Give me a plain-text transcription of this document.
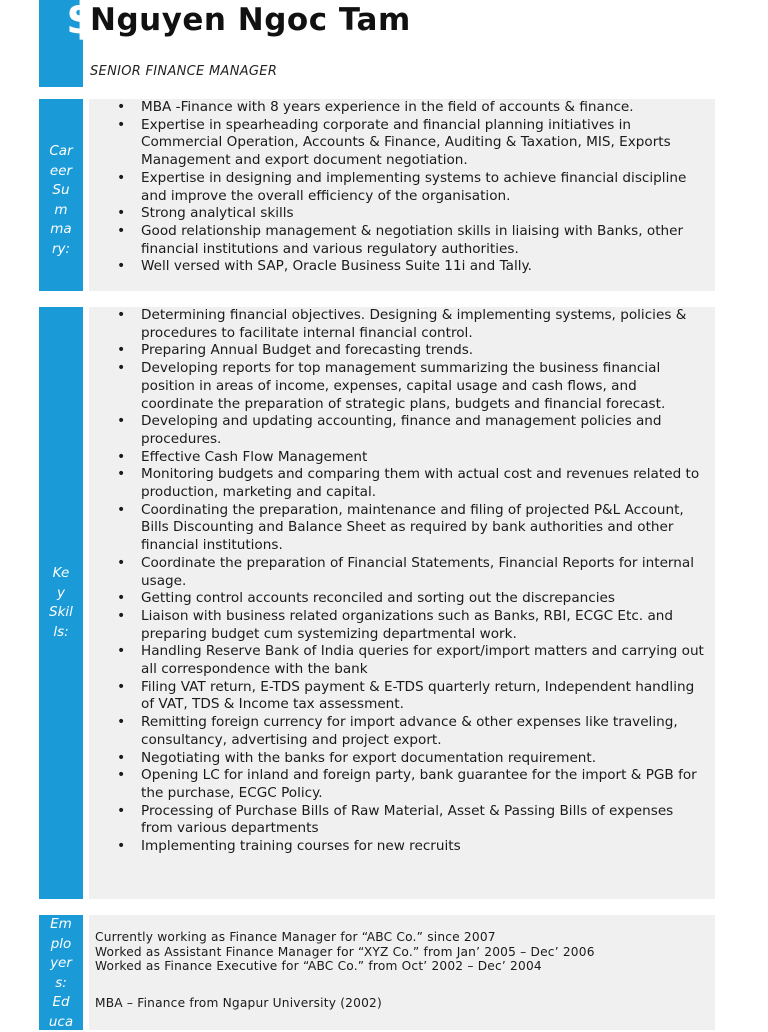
$
Nguyen Ngoc Tam
SENIOR FINANCE MANAGER
Car
eer
Su
m
ma
ry:
• MBA -Finance with 8 years experience in the field of accounts & finance.
• Expertise in spearheading corporate and financial planning initiatives in Commercial Operation, Accounts & Finance, Auditing & Taxation, MIS, Exports Management and export document negotiation.
• Expertise in designing and implementing systems to achieve financial discipline and improve the overall efficiency of the organisation.
• Strong analytical skills
• Good relationship management & negotiation skills in liaising with Banks, other financial institutions and various regulatory authorities.
• Well versed with SAP, Oracle Business Suite 11i and Tally.
Ke
y
Skil
ls:
• Determining financial objectives. Designing & implementing systems, policies & procedures to facilitate internal financial control.
• Preparing Annual Budget and forecasting trends.
• Developing reports for top management summarizing the business financial position in areas of income, expenses, capital usage and cash flows, and coordinate the preparation of strategic plans, budgets and financial forecast.
• Developing and updating accounting, finance and management policies and procedures.
• Effective Cash Flow Management
• Monitoring budgets and comparing them with actual cost and revenues related to production, marketing and capital.
• Coordinating the preparation, maintenance and filing of projected P&L Account, Bills Discounting and Balance Sheet as required by bank authorities and other financial institutions.
• Coordinate the preparation of Financial Statements, Financial Reports for internal usage.
• Getting control accounts reconciled and sorting out the discrepancies
• Liaison with business related organizations such as Banks, RBI, ECGC Etc. and preparing budget cum systemizing departmental work.
• Handling Reserve Bank of India queries for export/import matters and carrying out all correspondence with the bank
• Filing VAT return, E-TDS payment & E-TDS quarterly return, Independent handling of VAT, TDS & Income tax assessment.
• Remitting foreign currency for import advance & other expenses like traveling, consultancy, advertising and project export.
• Negotiating with the banks for export documentation requirement.
• Opening LC for inland and foreign party, bank guarantee for the import & PGB for the purchase, ECGC Policy.
• Processing of Purchase Bills of Raw Material, Asset & Passing Bills of expenses from various departments
• Implementing training courses for new recruits
Em
plo
yer
s:
Ed
uca
Currently working as Finance Manager for “ABC Co.” since 2007
Worked as Assistant Finance Manager for “XYZ Co.” from Jan’ 2005 – Dec’ 2006
Worked as Finance Executive for “ABC Co.” from Oct’ 2002 – Dec’ 2004
MBA – Finance from Ngapur University (2002)
